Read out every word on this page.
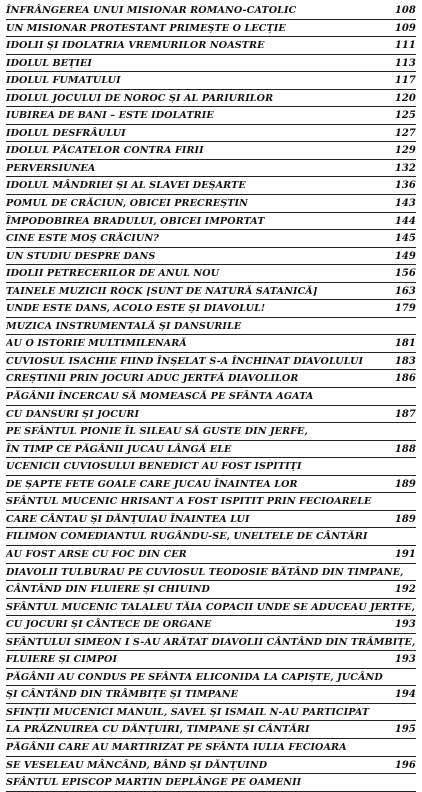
ÎNFRÂNGEREA UNUI MISIONAR ROMANO-CATOLIC	108
UN MISIONAR PROTESTANT PRIMEȘTE O LECȚIE	109
IDOLII ȘI IDOLATRIA VREMURILOR NOASTRE	111
IDOLUL BEȚIEI	113
IDOLUL FUMATULUI	117
IDOLUL JOCULUI DE NOROC ȘI AL PARIURILOR	120
IUBIREA DE BANI – ESTE IDOLATRIE	125
IDOLUL DESFRÂULUI	127
IDOLUL PĂCATELOR CONTRA FIRII	129
PERVERSIUNEA	132
IDOLUL MÂNDRIEI ȘI AL SLAVEI DEȘARTE	136
POMUL DE CRĂCIUN, OBICEI PRECREȘTIN	143
ÎMPODOBIREA BRADULUI, OBICEI IMPORTAT	144
CINE ESTE MOȘ CRĂCIUN?	145
UN STUDIU DESPRE DANS	149
IDOLII PETRECERILOR DE ANUL NOU	156
TAINELE MUZICII ROCK [SUNT DE NATURĂ SATANICĂ]	163
UNDE ESTE DANS, ACOLO ESTE ȘI DIAVOLUL!	179
MUZICA INSTRUMENTALĂ ȘI DANSURILE
AU O ISTORIE MULTIMILENARĂ	181
CUVIOSUL ISACHIE FIIND ÎNȘELAT S-A ÎNCHINAT DIAVOLULUI	183
CREȘTINII PRIN JOCURI ADUC JERTFĂ DIAVOLILOR	186
PĂGÂNII ÎNCERCAU SĂ MOMEASCĂ PE SFÂNTA AGATA
CU DANSURI ȘI JOCURI	187
PE SFÂNTUL PIONIE ÎL SILEAU SĂ GUSTE DIN JERFE,
ÎN TIMP CE PĂGÂNII JUCAU LÂNGĂ ELE	188
UCENICII CUVIOSULUI BENEDICT AU FOST ISPITIȚI
DE ȘAPTE FETE GOALE CARE JUCAU ÎNAINTEA LOR	189
SFÂNTUL MUCENIC HRISANT A FOST ISPITIT PRIN FECIOARELE
CARE CÂNTAU ȘI DĂNȚUIAU ÎNAINTEA LUI	189
FILIMON COMEDIANTUL RUGÂNDU-SE, UNELTELE DE CÂNTĂRI
AU FOST ARSE CU FOC DIN CER	191
DIAVOLII TULBURAU PE CUVIOSUL TEODOSIE BĂTÂND DIN TIMPANE,
CÂNTÂND DIN FLUIERE ȘI CHIUIND	192
SFÂNTUL MUCENIC TALALEU TĂIA COPACII UNDE SE ADUCEAU JERTFE,
CU JOCURI ȘI CÂNTECE DE ORGANE	193
SFÂNTULUI SIMEON I S-AU ARĂTAT DIAVOLII CÂNTÂND DIN TRÂMBIȚE,
FLUIERE ȘI CIMPOI	193
PĂGÂNII AU CONDUS PE SFÂNTA ELICONIDA LA CAPIȘTE, JUCÂND
ȘI CÂNTÂND DIN TRÂMBIȚE ȘI TIMPANE	194
SFINȚII MUCENICI MANUIL, SAVEL ȘI ISMAIL N-AU PARTICIPAT
LA PRĂZNUIREA CU DĂNȚUIRI, TIMPANE ȘI CÂNTĂRI	195
PĂGÂNII CARE AU MARTIRIZAT PE SFÂNTA IULIA FECIOARA
SE VESELEAU MÂNCÂND, BÂND ȘI DĂNȚUIND	196
SFÂNTUL EPISCOP MARTIN DEPLÂNGE PE OAMENII
